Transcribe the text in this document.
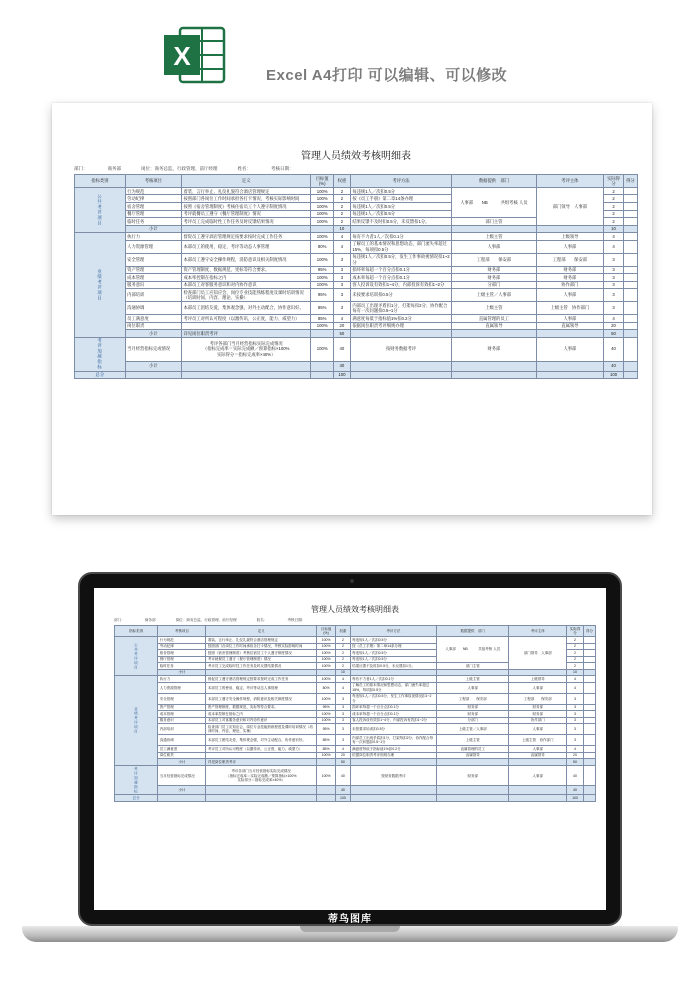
X
Excel A4打印 可以编辑、可以修改
管理人员绩效考核明细表
部门：	商务部	岗位：商务总监、行政管理、前厅经理	姓名：	考核日期：
指标类别	考核项目	定义	目标值(%)	权重	考评方法	数据提供　部门	考评主体	实际得分	得分
公共考评项目	行为规范	着装、言行举止、礼仪礼貌符合酒店管理规定	100%	2	每违规1人／次扣0.5分	人事部　　NB　　　共组考核 人员	部门领导　人事部	2	
	劳动纪律	按照部门各岗位工作时间承担各打卡情况，考核实际影响时间	100%	2	按《员工手册》第二章14条办理			2	
	宿舍管理	按照《宿舍管理制度》考核住宿员工个人遵守制度情况	100%	2	每违规1人／次扣0.5分			2	
	餐厅管理	考评就餐员工遵守《餐厅管理制度》情况	100%	2	每违规1人／次扣0.5分			2	
	临时任务	考评员工完成临时性工作任务及时反馈结果情况	100%	2	结果反馈不及时扣0.5分，未反馈扣1分。	部门主管		2	
	小计			10				10	
业绩考评项目	执行力	督促员工遵守酒店管理规定按要求按时完成工作任务	100%	4	每有不力者1人／次扣0.1分	上级主管	上级领导	4	
	人力资源管理	本部员工的使用、稳定、考评等动态人事管理	80%	4	了解员工的基本情况和思想动态，部门流失率超过15%，每项扣0.5分	人事部	人事部	4	
	安全管理	本部员工遵守安全操作规程，消防意识及相关制度情况	100%	3	每违规1人／次扣0.5分，发生工作事故视情况扣1~2分	工程部　　保安部	工程部　　保安部	3	
	资产管理	资产管理制度、数据规范、宪标等符合要求。	95%	3	损坏率每超一个百分点扣0.1分	财务部	财务部	3	
	成本管理	成本率控制在指标之内	100%	3	成本率每超一个百分点扣0.1分	财务部	财务部	3	
	服务意识	本部员工对客服务意识和对内协作意识	100%	3	客人投诉设有效扣1~4分，内部投诉有效扣1~2分	分部门	协作部门	3	
	内部培训	检查部门员工应知应会，岗位专业技能熟练程度及课时培训情况（培训时间、内容、理论、实操）	95%	3	未按要求培训扣0.5分	上级主管／人事部	人事部	3	
	沟通协调	本部员工团结友爱，集体观念强，对外主动配合，协作意识好。	85%	3	内部员工出现矛盾扣1分，打架每扣2分；协作配合每有一次问题扣0.5~1分	上级主管	上级主管　协作部门	3	
	员工满意度	考评员工对所认可程度（以激传讯，公正度，能力、威望力）	85%	4	满意度每低于指标值1%扣0.2分	直属管理的员工	人事部	4	
	岗位职责		100%	20	依据岗位职责考评细则办理	直属领导	直属领导	20	
	小计	详见岗位职责考评		50				50	
考评加减指标	当月经营指标完成情况	考评各部门当月经营指标实际完成情况
（指标完成率＝实际完成额／预算指标×100%
实际得分＝指标完成率×40%）	100%	40	按财务数据考评	财务部	人事部	40	
	小计			40				40	
总分				100				100	
管理人员绩效考核明细表
部门：	商务部	岗位：商务总监、行政管理、前厅经理	姓名：	考核日期：
指标类别	考核项目	定义	目标值(%)	权重	考评方法	数据提供　部门	考评主体	实际得分	得分
公共考评项目	行为规范	着装、言行举止、礼仪礼貌符合酒店管理规定	100%	2	每违规1人／次扣0.5分	人事部　　NB　　　共组考核 人员	部门领导　人事部	2	
	劳动纪律	按照部门各岗位工作时间承担各打卡情况，考核实际影响时间	100%	2	按《员工手册》第二章14条办理			2	
	宿舍管理	按照《宿舍管理制度》考核住宿员工个人遵守制度情况	100%	2	每违规1人／次扣0.5分			2	
	餐厅管理	考评就餐员工遵守《餐厅管理制度》情况	100%	2	每违规1人／次扣0.5分			2	
	临时任务	考评员工完成临时性工作任务及时反馈结果情况	100%	2	结果反馈不及时扣0.5分，未反馈扣1分。	部门主管		2	
	小计			10				10	
业绩考评项目	执行力	督促员工遵守酒店管理规定按要求按时完成工作任务	100%	4	每有不力者1人／次扣0.1分	上级主管	上级领导	4	
	人力资源管理	本部员工的使用、稳定、考评等动态人事管理	80%	4	了解员工的基本情况和思想动态，部门流失率超过15%，每项扣0.5分	人事部	人事部	4	
	安全管理	本部员工遵守安全操作规程，消防意识及相关制度情况	100%	3	每违规1人／次扣0.5分，发生工作事故视情况扣1~2分	工程部　　保安部	工程部　　保安部	3	
	资产管理	资产管理制度、数据规范、宪标等符合要求。	95%	3	损坏率每超一个百分点扣0.1分	财务部	财务部	3	
	成本管理	成本率控制在指标之内	100%	3	成本率每超一个百分点扣0.1分	财务部	财务部	3	
	服务意识	本部员工对客服务意识和对内协作意识	100%	3	客人投诉设有效扣1~4分，内部投诉有效扣1~2分	分部门	协作部门	3	
	内部培训	检查部门员工应知应会，岗位专业技能熟练程度及课时培训情况（培训时间、内容、理论、实操）	95%	3	未按要求培训扣0.5分	上级主管／人事部	人事部	3	
	沟通协调	本部员工团结友爱，集体观念强，对外主动配合，协作意识好。	85%	3	内部员工出现矛盾扣1分，打架每扣2分；协作配合每有一次问题扣0.5~1分	上级主管	上级主管　协作部门	3	
	员工满意度	考评员工对所认可程度（以激传讯，公正度，能力、威望力）	85%	4	满意度每低于指标值1%扣0.2分	直属管理的员工	人事部	4	
	岗位职责		100%	20	依据岗位职责考评细则办理	直属领导	直属领导	20	
	小计	详见岗位职责考评		50				50	
考评加减指标	当月经营指标完成情况	考评各部门当月经营指标实际完成情况
（指标完成率＝实际完成额／预算指标×100%
实际得分＝指标完成率×40%）	100%	40	按财务数据考评	财务部	人事部	40	
	小计			40				40	
总分				100				100	
蒂鸟图库
